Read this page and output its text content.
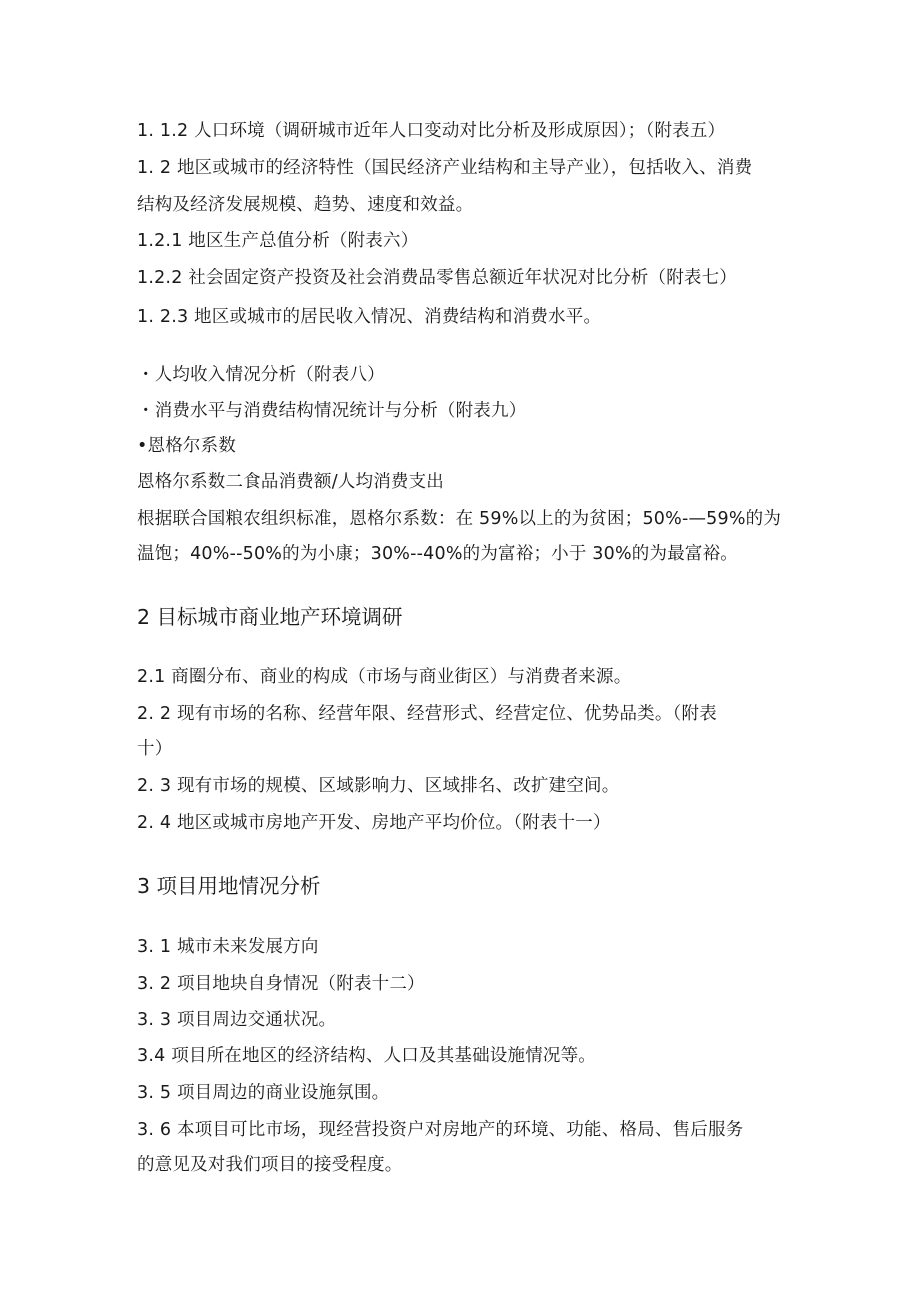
1. 1.2 人口环境（调研城市近年人口变动对比分析及形成原因）；（附表五）
1. 2 地区或城市的经济特性（国民经济产业结构和主导产业），包括收入、消费
结构及经济发展规模、趋势、速度和效益。
1.2.1 地区生产总值分析（附表六）
1.2.2 社会固定资产投资及社会消费品零售总额近年状况对比分析（附表七）
1. 2.3 地区或城市的居民收入情况、消费结构和消费水平。
・人均收入情况分析（附表八）
・消费水平与消费结构情况统计与分析（附表九）
•恩格尔系数
恩格尔系数二食品消费额/人均消费支出
根据联合国粮农组织标准，恩格尔系数：在 59%以上的为贫困；50%-—59%的为
温饱；40%--50%的为小康；30%--40%的为富裕；小于 30%的为最富裕。
2 目标城市商业地产环境调研
2.1 商圈分布、商业的构成（市场与商业街区）与消费者来源。
2. 2 现有市场的名称、经营年限、经营形式、经营定位、优势品类。（附表
十）
2. 3 现有市场的规模、区域影响力、区域排名、改扩建空间。
2. 4 地区或城市房地产开发、房地产平均价位。（附表十一）
3 项目用地情况分析
3. 1 城市未来发展方向
3. 2 项目地块自身情况（附表十二）
3. 3 项目周边交通状况。
3.4 项目所在地区的经济结构、人口及其基础设施情况等。
3. 5 项目周边的商业设施氛围。
3. 6 本项目可比市场，现经营投资户对房地产的环境、功能、格局、售后服务
的意见及对我们项目的接受程度。
